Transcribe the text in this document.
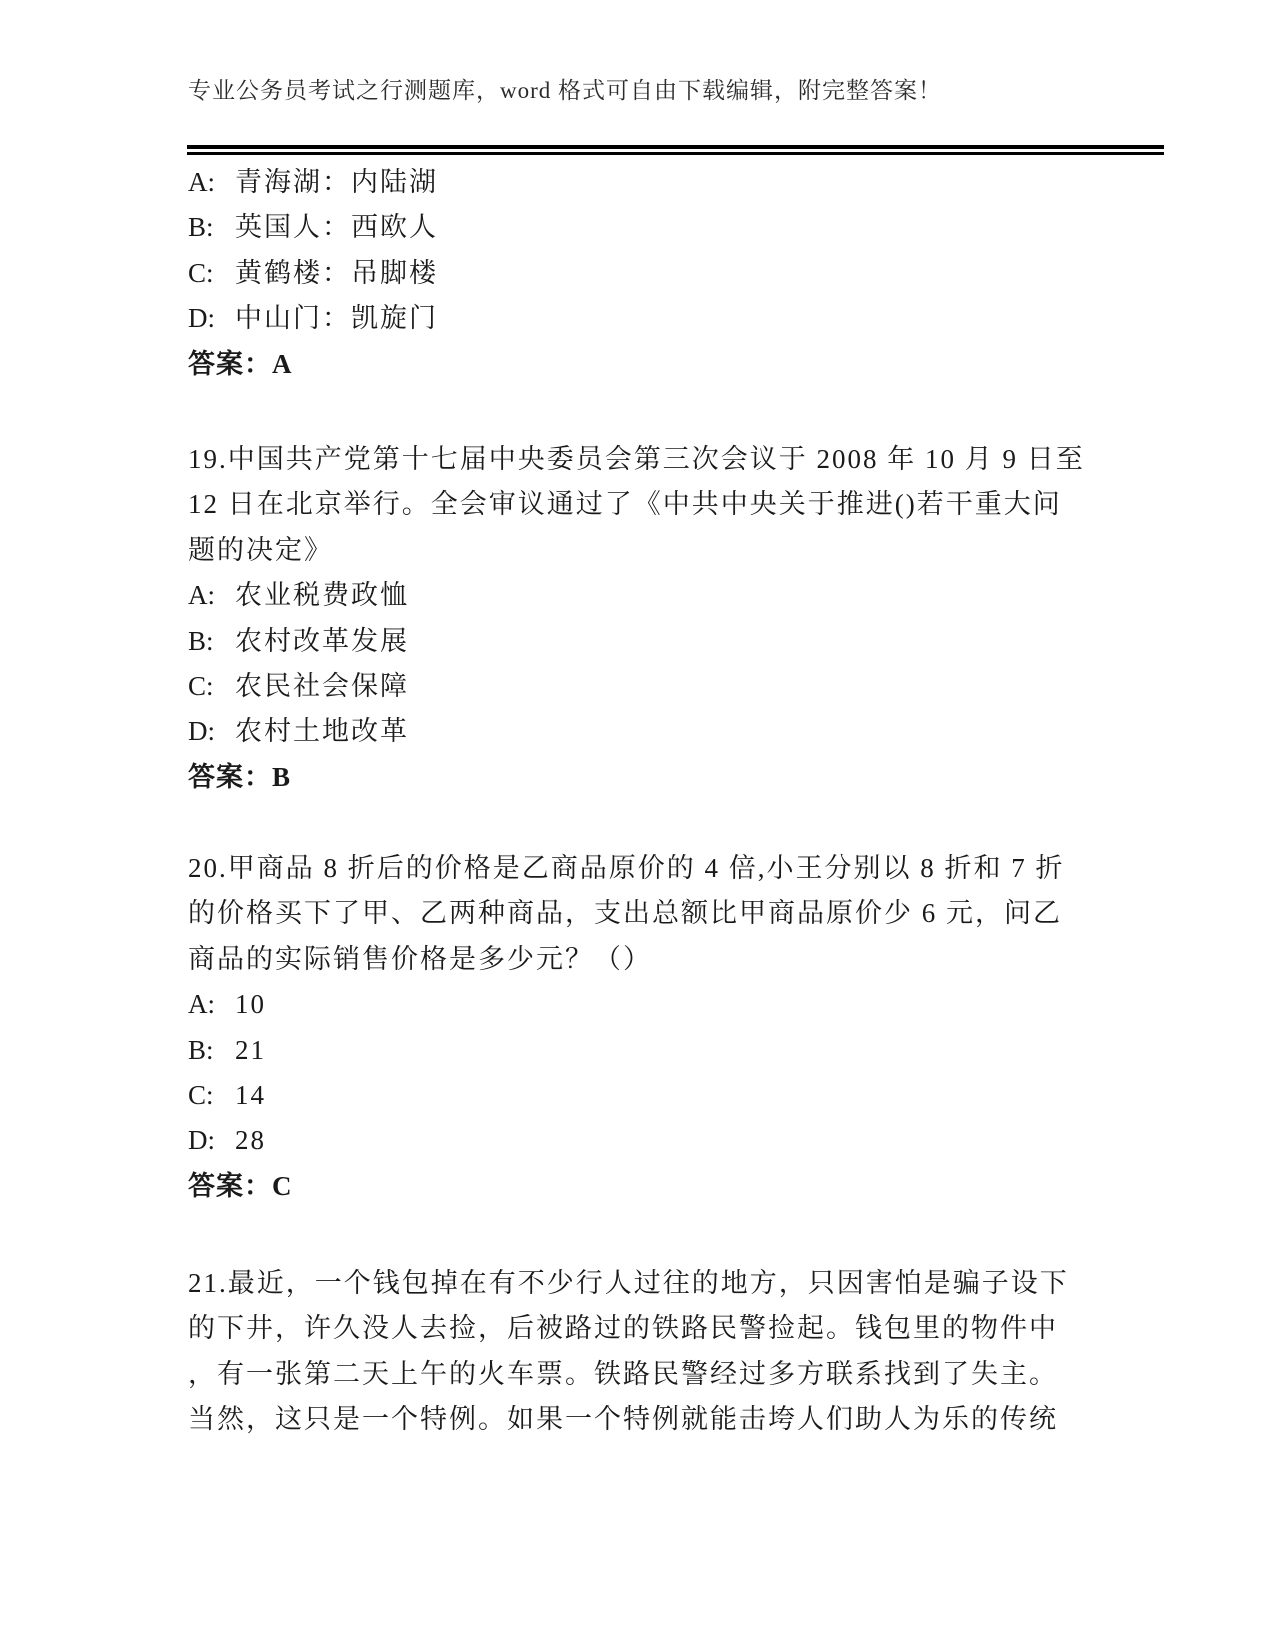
专业公务员考试之行测题库，word 格式可自由下载编辑，附完整答案！
A: 青海湖：内陆湖
B: 英国人：西欧人
C: 黄鹤楼：吊脚楼
D: 中山门：凯旋门
答案：A
19.中国共产党第十七届中央委员会第三次会议于 2008 年 10 月 9 日至
12 日在北京举行。全会审议通过了《中共中央关于推进()若干重大问
题的决定》
A: 农业税费政恤
B: 农村改革发展
C: 农民社会保障
D: 农村土地改革
答案：B
20.甲商品 8 折后的价格是乙商品原价的 4 倍,小王分别以 8 折和 7 折
的价格买下了甲、乙两种商品，支出总额比甲商品原价少 6 元，问乙
商品的实际销售价格是多少元？（）
A: 10
B: 21
C: 14
D: 28
答案：C
21.最近，一个钱包掉在有不少行人过往的地方，只因害怕是骗子设下
的下井，许久没人去捡，后被路过的铁路民警捡起。钱包里的物件中
，有一张第二天上午的火车票。铁路民警经过多方联系找到了失主。
当然，这只是一个特例。如果一个特例就能击垮人们助人为乐的传统
